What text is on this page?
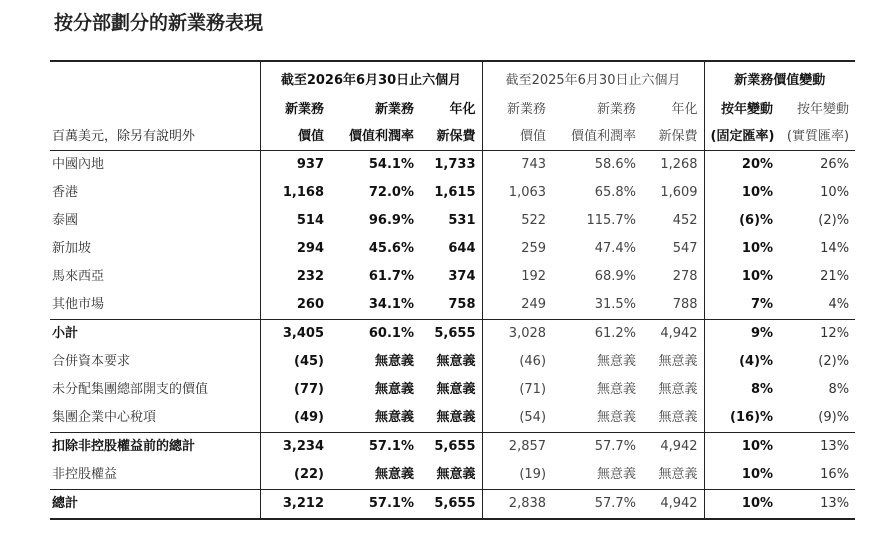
按分部劃分的新業務表現
	截至2026年6月30日止六個月			截至2025年6月30日止六個月			新業務價值變動	
	新業務	新業務	年化	新業務	新業務	年化	按年變動	按年變動
百萬美元，除另有說明外	價值	價值利潤率	新保費	價值	價值利潤率	新保費	(固定匯率)	(實質匯率)
中國內地	937	54.1%	1,733	743	58.6%	1,268	20%	26%
香港	1,168	72.0%	1,615	1,063	65.8%	1,609	10%	10%
泰國	514	96.9%	531	522	115.7%	452	(6)%	(2)%
新加坡	294	45.6%	644	259	47.4%	547	10%	14%
馬來西亞	232	61.7%	374	192	68.9%	278	10%	21%
其他市場	260	34.1%	758	249	31.5%	788	7%	4%
小計	3,405	60.1%	5,655	3,028	61.2%	4,942	9%	12%
合併資本要求	(45)	無意義	無意義	(46)	無意義	無意義	(4)%	(2)%
未分配集團總部開支的價值	(77)	無意義	無意義	(71)	無意義	無意義	8%	8%
集團企業中心稅項	(49)	無意義	無意義	(54)	無意義	無意義	(16)%	(9)%
扣除非控股權益前的總計	3,234	57.1%	5,655	2,857	57.7%	4,942	10%	13%
非控股權益	(22)	無意義	無意義	(19)	無意義	無意義	10%	16%
總計	3,212	57.1%	5,655	2,838	57.7%	4,942	10%	13%
